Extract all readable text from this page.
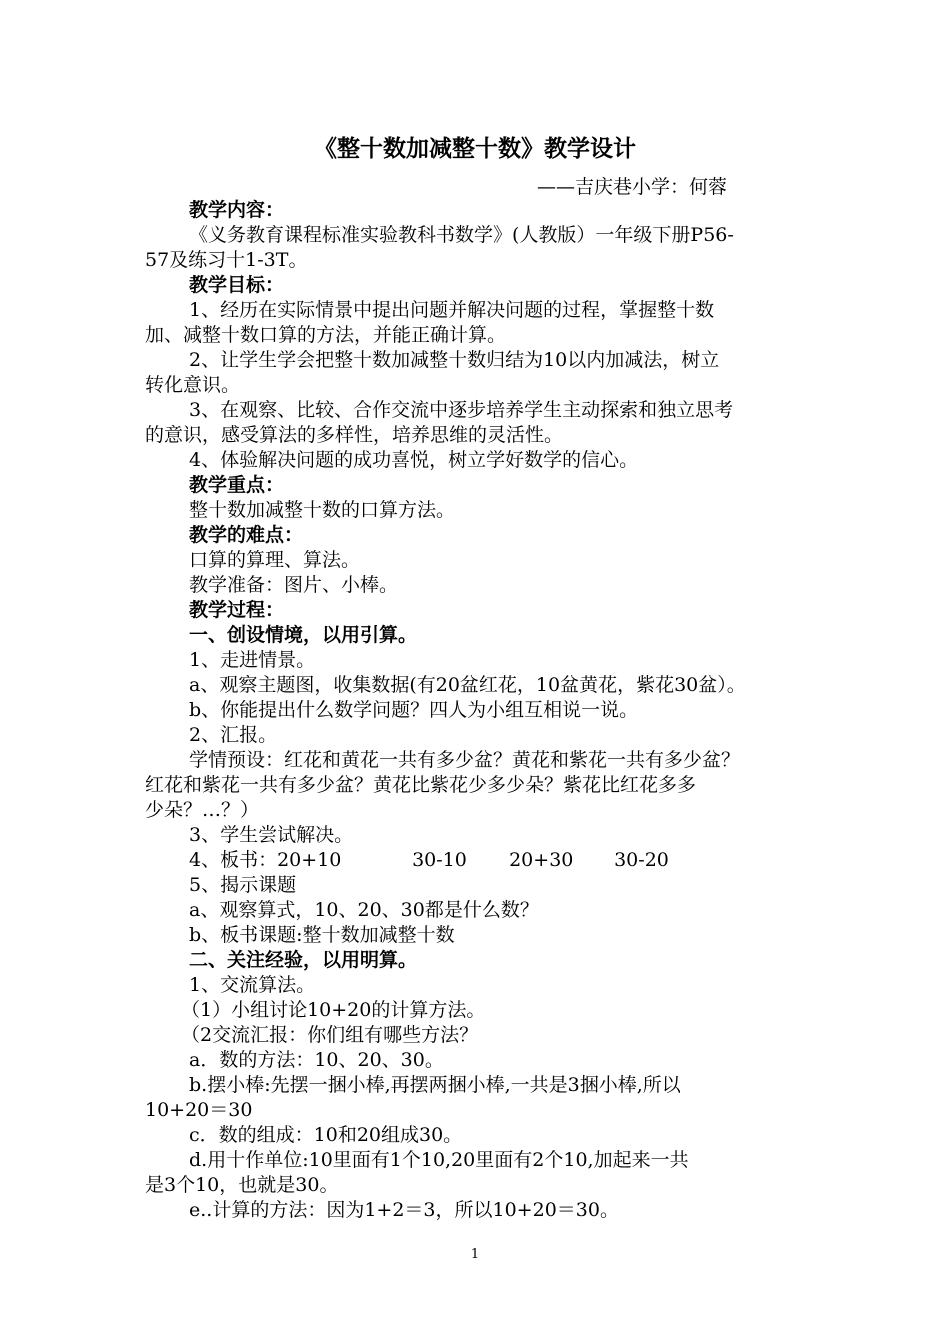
《整十数加减整十数》教学设计
——吉庆巷小学：何蓉

教学内容：

《义务教育课程标准实验教科书数学》(人教版）一年级下册P56-

57及练习十1-3T。

教学目标：

1、经历在实际情景中提出问题并解决问题的过程，掌握整十数

加、减整十数口算的方法，并能正确计算。

2、让学生学会把整十数加减整十数归结为10以内加减法，树立

转化意识。

3、在观察、比较、合作交流中逐步培养学生主动探索和独立思考

的意识，感受算法的多样性，培养思维的灵活性。

4、体验解决问题的成功喜悦，树立学好数学的信心。

教学重点：

整十数加减整十数的口算方法。

教学的难点：

口算的算理、算法。

教学准备：图片、小棒。

教学过程：

一、创设情境，以用引算。

1、走进情景。

a、观察主题图，收集数据(有20盆红花，10盆黄花，紫花30盆）。

b、你能提出什么数学问题？四人为小组互相说一说。

2、汇报。

学情预设：红花和黄花一共有多少盆？黄花和紫花一共有多少盆？

红花和紫花一共有多少盆？黄花比紫花少多少朵？紫花比红花多多

少朵？…？）

3、学生尝试解决。

4、板书：20+10	30-10 20+30 30-20

5、揭示课题

a、观察算式，10、20、30都是什么数？

b、板书课题:整十数加减整十数

二、关注经验，以用明算。

1、交流算法。

（1）小组讨论10+20的计算方法。

（2交流汇报：你们组有哪些方法？

a．数的方法：10、20、30。

b.摆小棒:先摆一捆小棒,再摆两捆小棒,一共是3捆小棒,所以

10+20＝30

c．数的组成：10和20组成30。

d.用十作单位:10里面有1个10,20里面有2个10,加起来一共

是3个10，也就是30。

e..计算的方法：因为1+2＝3，所以10+20＝30。

1
